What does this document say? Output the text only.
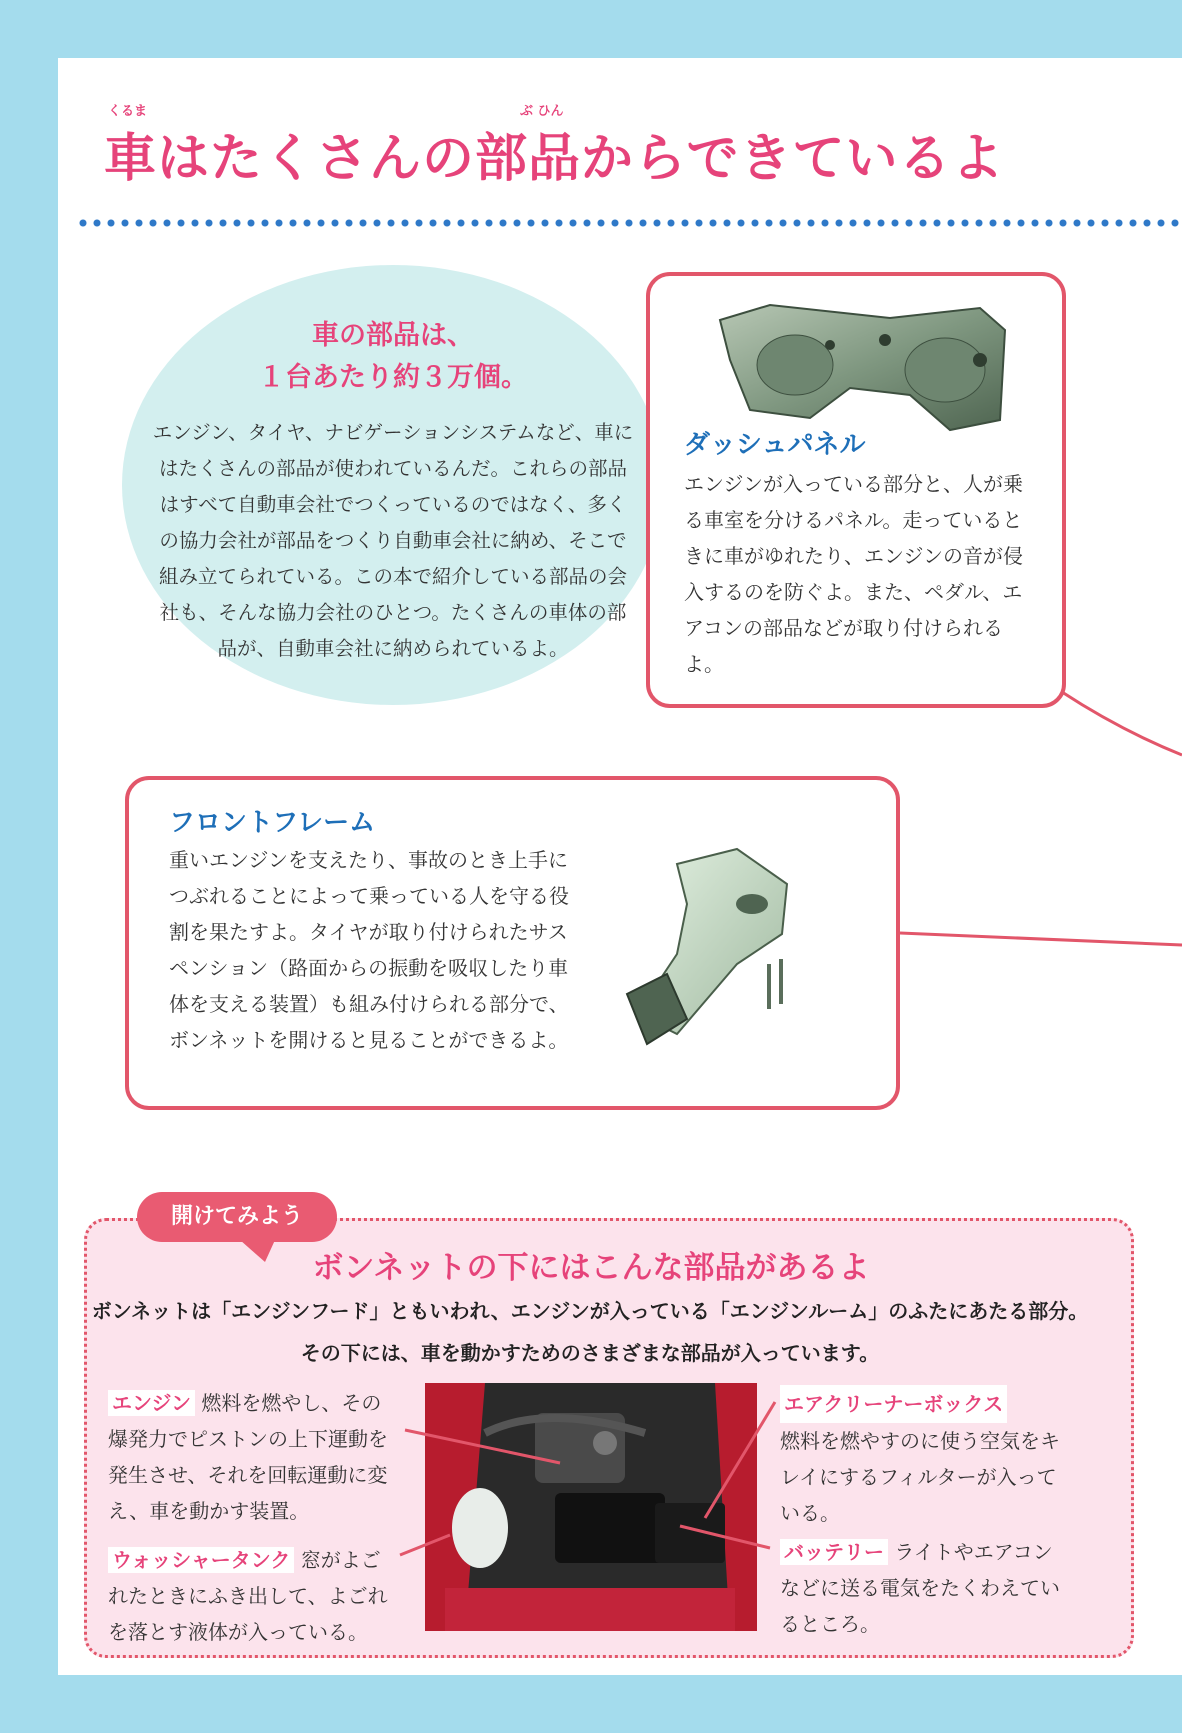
くるま	ぶ ひん
車はたくさんの部品からできているよ
車の部品は、
１台あたり約３万個。
エンジン、タイヤ、ナビゲーションシステムなど、車にはたくさんの部品が使われているんだ。これらの部品はすべて自動車会社でつくっているのではなく、多くの協力会社が部品をつくり自動車会社に納め、そこで組み立てられている。この本で紹介している部品の会社も、そんな協力会社のひとつ。たくさんの車体の部品が、自動車会社に納められているよ。
ダッシュパネル
エンジンが入っている部分と、人が乗る車室を分けるパネル。走っているときに車がゆれたり、エンジンの音が侵入するのを防ぐよ。また、ペダル、エアコンの部品などが取り付けられるよ。
フロントフレーム
重いエンジンを支えたり、事故のとき上手につぶれることによって乗っている人を守る役割を果たすよ。タイヤが取り付けられたサスペンション（路面からの振動を吸収したり車体を支える装置）も組み付けられる部分で、ボンネットを開けると見ることができるよ。
開けてみよう
ボンネットの下にはこんな部品があるよ
ボンネットは「エンジンフード」ともいわれ、エンジンが入っている「エンジンルーム」のふたにあたる部分。その下には、車を動かすためのさまざまな部品が入っています。
エンジン 燃料を燃やし、その爆発力でピストンの上下運動を発生させ、それを回転運動に変え、車を動かす装置。
ウォッシャータンク 窓がよごれたときにふき出して、よごれを落とす液体が入っている。
エアクリーナーボックス
燃料を燃やすのに使う空気をキレイにするフィルターが入っている。
バッテリー ライトやエアコンなどに送る電気をたくわえているところ。
